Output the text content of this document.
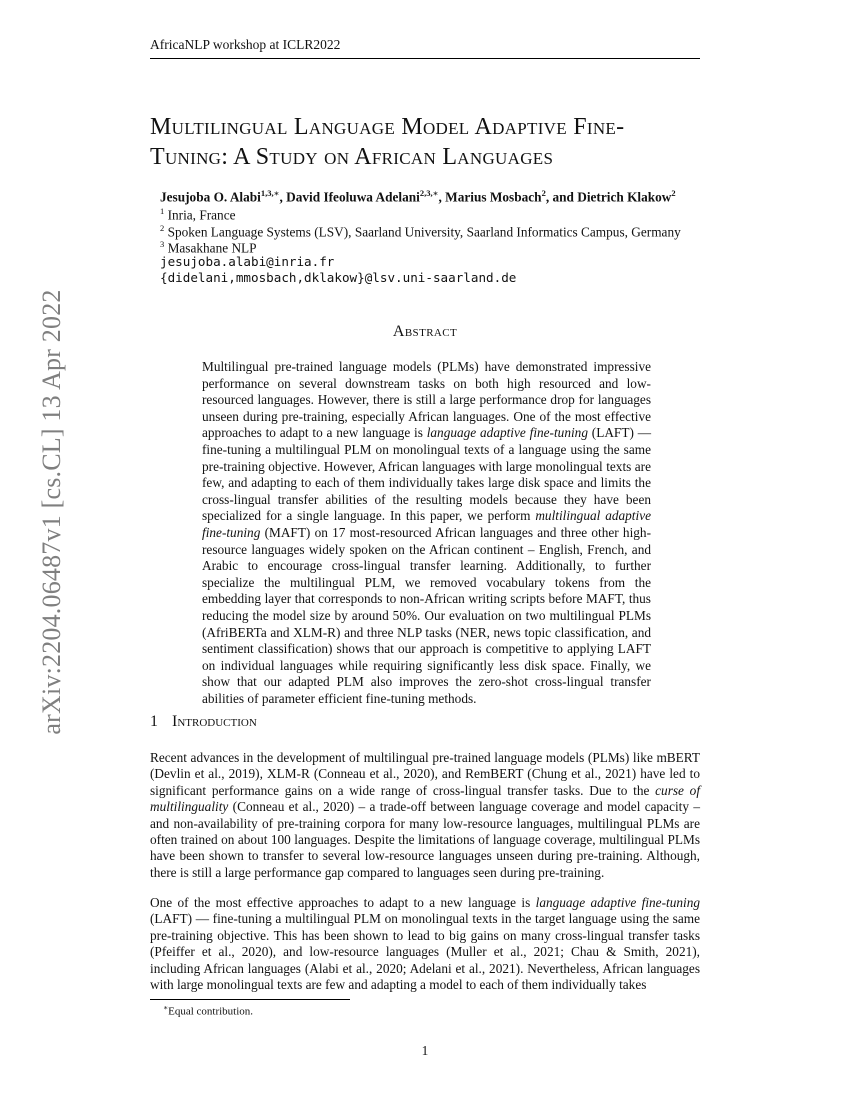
AfricaNLP workshop at ICLR2022
arXiv:2204.06487v1 [cs.CL] 13 Apr 2022
Multilingual Language Model Adaptive Fine-
Tuning: A Study on African Languages
Jesujoba O. Alabi$^{1,3,∗}$, David Ifeoluwa Adelani$^{2,3,∗}$, Marius Mosbach$^2$, and Dietrich Klakow$^2$
$^1$ Inria, France
$^2$ Spoken Language Systems (LSV), Saarland University, Saarland Informatics Campus, Germany
$^3$ Masakhane NLP
jesujoba.alabi@inria.fr
{didelani,mmosbach,dklakow}@lsv.uni-saarland.de
Abstract
Multilingual pre-trained language models (PLMs) have demonstrated impressive performance on several downstream tasks on both high resourced and low-resourced languages. However, there is still a large performance drop for languages unseen during pre-training, especially African languages. One of the most effective approaches to adapt to a new language is language adaptive fine-tuning (LAFT) — fine-tuning a multilingual PLM on monolingual texts of a language using the same pre-training objective. However, African languages with large monolingual texts are few, and adapting to each of them individually takes large disk space and limits the cross-lingual transfer abilities of the resulting models because they have been specialized for a single language. In this paper, we perform multilingual adaptive fine-tuning (MAFT) on 17 most-resourced African languages and three other high-resource languages widely spoken on the African continent – English, French, and Arabic to encourage cross-lingual transfer learning. Additionally, to further specialize the multilingual PLM, we removed vocabulary tokens from the embedding layer that corresponds to non-African writing scripts before MAFT, thus reducing the model size by around 50%. Our evaluation on two multilingual PLMs (AfriBERTa and XLM-R) and three NLP tasks (NER, news topic classification, and sentiment classification) shows that our approach is competitive to applying LAFT on individual languages while requiring significantly less disk space. Finally, we show that our adapted PLM also improves the zero-shot cross-lingual transfer abilities of parameter efficient fine-tuning methods.
1 Introduction
Recent advances in the development of multilingual pre-trained language models (PLMs) like mBERT (Devlin et al., 2019), XLM-R (Conneau et al., 2020), and RemBERT (Chung et al., 2021) have led to significant performance gains on a wide range of cross-lingual transfer tasks. Due to the curse of multilinguality (Conneau et al., 2020) – a trade-off between language coverage and model capacity – and non-availability of pre-training corpora for many low-resource languages, multilingual PLMs are often trained on about 100 languages. Despite the limitations of language coverage, multilingual PLMs have been shown to transfer to several low-resource languages unseen during pre-training. Although, there is still a large performance gap compared to languages seen during pre-training.
One of the most effective approaches to adapt to a new language is language adaptive fine-tuning (LAFT) — fine-tuning a multilingual PLM on monolingual texts in the target language using the same pre-training objective. This has been shown to lead to big gains on many cross-lingual transfer tasks (Pfeiffer et al., 2020), and low-resource languages (Muller et al., 2021; Chau & Smith, 2021), including African languages (Alabi et al., 2020; Adelani et al., 2021). Nevertheless, African languages with large monolingual texts are few and adapting a model to each of them individually takes
∗Equal contribution.
1
